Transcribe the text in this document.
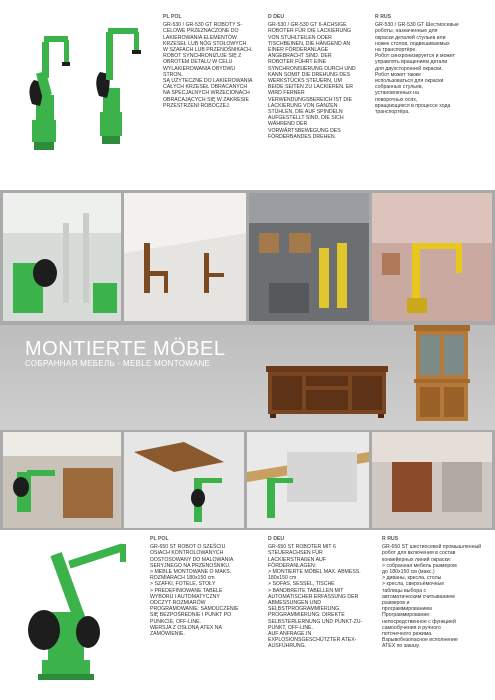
PL POL

GR-530 / GR-530 GT ROBOTY S-
CELOWE PRZEZNACZONE DO
LAKIEROWANIA ELEMENTÓW
KRZESEŁ LUB NÓG STOŁOWYCH
W SZAFACH LUB PRZENOŚNIKACH.
ROBOT SYNCHRONIZUJE SIĘ Z
OBROTEM DETALU W CELU
WYLAKIEROWANIA OBYDWU
STRON.
SĄ UŻYTECZNE DO LAKIEROWANIA
CAŁYCH KRZESEŁ OBRACANYCH
NA SPECJALNYCH WRZECIONACH
OBRACAJĄCYCH SIĘ W ZAKRESIE
PRZESTRZENI ROBOCZEJ.

D DEU

GR-530 / GR-530 GT 6-ACHSIGE
ROBOTER FÜR DIE LACKIERUNG
VON STUHLTEILEN ODER
TISCHBEINEN, DIE HÄNGEND AN
EINER FÖRDERANLAGE
ANGEBRACHT SIND. DER
ROBOTER FÜHRT EINE
SYNCHRONISIERUNG DURCH UND
KANN SOMIT DIE DREHUNG DES
WERKSTÜCKS STEUERN, UM
BEIDE SEITEN ZU LACKIEREN. ER
WIRD FERNER
VERWENDUNGSBEREICH IST DIE
LACKIERUNG VON GANZEN
STÜHLEN, DIE AUF SPINDELN
AUFGESTELLT SIND, DIE SICH
WÄHREND DER
VORWÄRTSBEWEGUNG DES
FÖRDERBANDES DREHEN.

R RUS

GR-530 / GR-530 GT Шестиосевые
роботы, назначенные для
окраски деталей стульев или
ножек столов, подвешиваемых
на транспортёре.
Робот синхронизируется и может
управлять вращением детали
для двухсторонней окраски.
Робот может также
использоваться для окраски
собранных стульев,
установленных на
поворотных осях,
вращающихся в процессе хода
транспортёра.

MONTIERTE MÖBEL
СОБРАННАЯ МЕБЕЛЬ · MEBLE MONTOWANE
PL POL

GR-650 ST ROBOT O SZEŚCIU
OSIACH KONTROLOWANYCH
DOSTOSOWANY DO MALOWANIA
SERYJNEGO NA PRZENOŚNIKU.
> MEBLE MONTOWANE O MAKS.
ROZMIARACH 180x150 cm
> SZAFKI, FOTELE, STOŁY
> PREDEFINIOWANE TABELE
WYBORU I AUTOMATYCZNY
ODCZYT ROZMIARÓW
PROGRAMOWANIE: SAMOUCZENIE
SIĘ BEZPOŚREDNIE I PUNKT PO
PUNKCIE, OFF-LINE.
WERSJA Z OSŁONĄ ATEX NA
ZAMÓWIENIE.

D DEU

GR-650 ST ROBOTER MIT 6
STEUERACHSEN FÜR
LACKIERSTRAßEN AUF
FÖRDERANLAGEN:
> MONTIERTE MÖBEL MAX. ABMESS.
180x150 cm
> SOFAS, SESSEL, TISCHE
> BANDBREITE TABELLEN MIT
AUTOMATISCHER ERFASSUNG DER
ABMESSUNGEN UND
SELBSTPROGRAMMIERUNG.
PROGRAMMIERUNG: DIREKTE
SELBSTERLERNUNG UND PUNKT-ZU-
PUNKT, OFF-LINE.
AUF ANFRAGE IN
EXPLOSIONSGESCHÜTZTER ATEX-
AUSFÜHRUNG.

R RUS

GR-650 ST шестиосевой промышленный
робот для включения в состав
конвейерных линий окраски:
> собранная мебель размером
до 180x150 см (макс.)
> диваны, кресла, столы
> кресла, сверхъёмочные
таблицы выбора с
автоматическим считыванием
размеров и
программированием
Программирование:
непосредственное с функцией
самообучения и ручного
поточечного режима.
Взрывобезопасное исполнение
ATEX по заказу.
